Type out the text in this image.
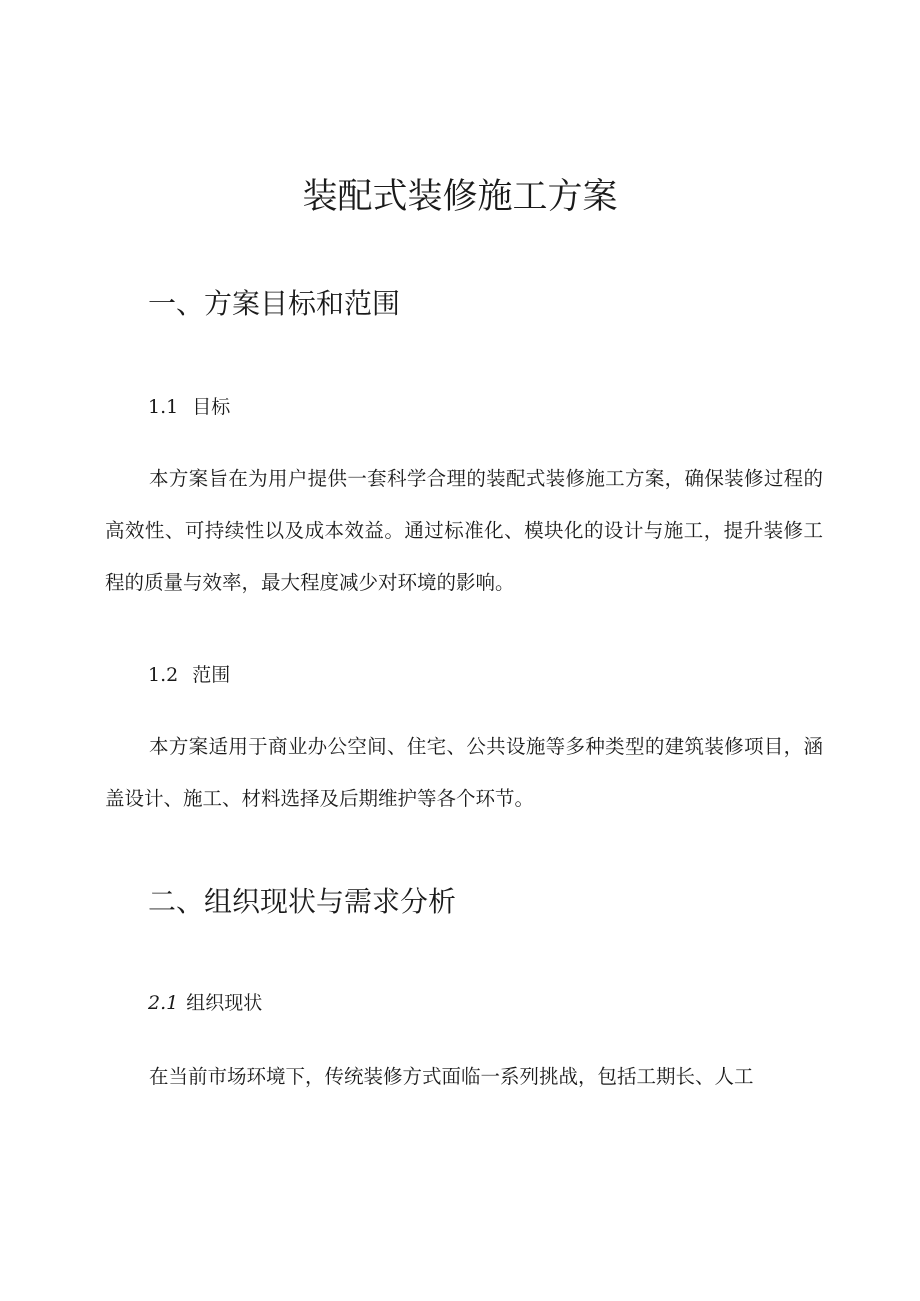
装配式装修施工方案
一、方案目标和范围
1.1 目标

本方案旨在为用户提供一套科学合理的装配式装修施工方案，确保装修过程的高效性、可持续性以及成本效益。通过标准化、模块化的设计与施工，提升装修工程的质量与效率，最大程度减少对环境的影响。

1.2 范围

本方案适用于商业办公空间、住宅、公共设施等多种类型的建筑装修项目，涵盖设计、施工、材料选择及后期维护等各个环节。

二、组织现状与需求分析
2.1 组织现状

在当前市场环境下，传统装修方式面临一系列挑战，包括工期长、人工
